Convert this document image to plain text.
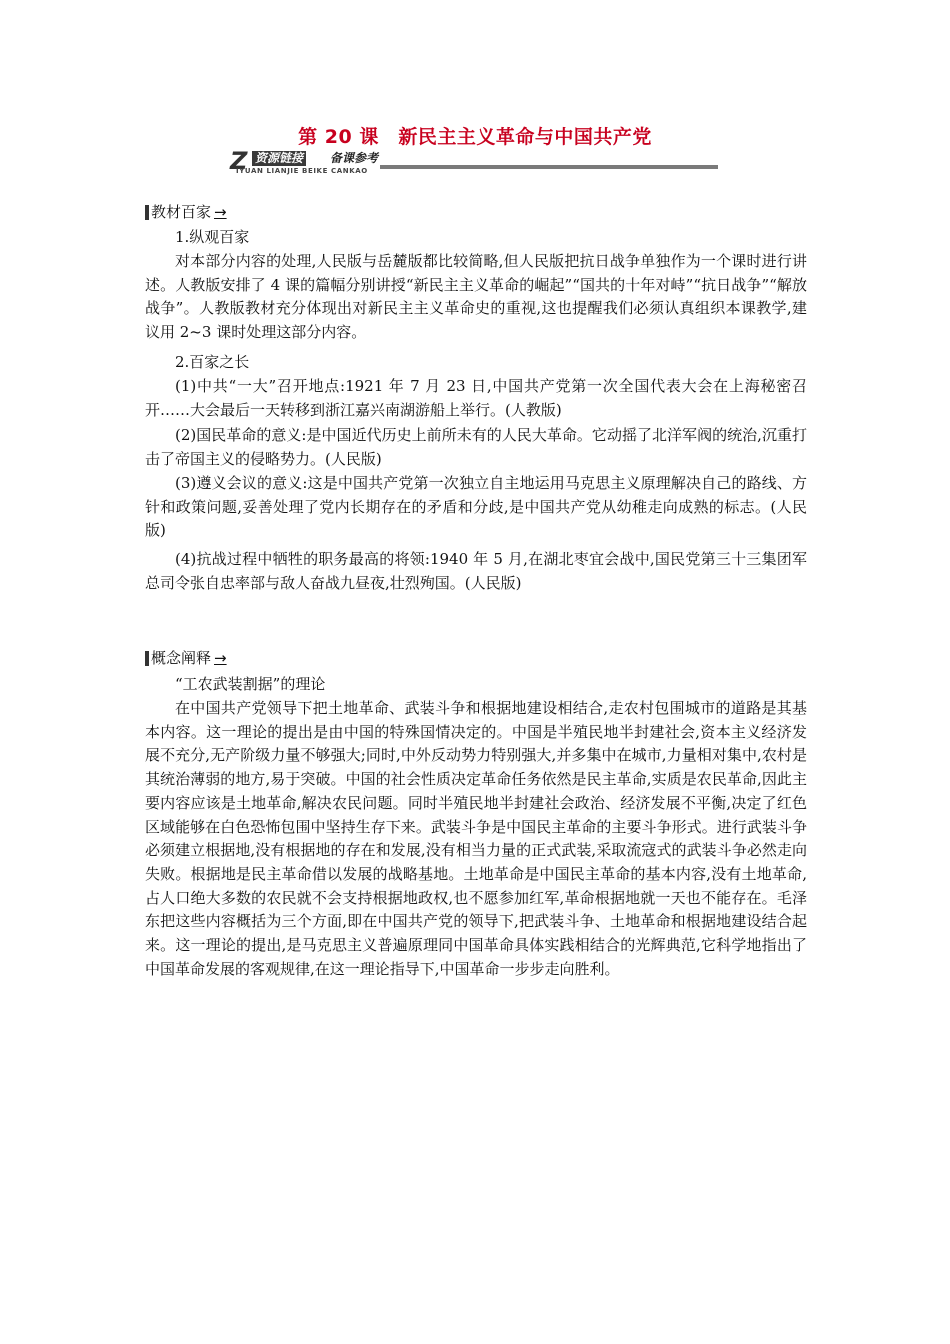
第 20 课　新民主主义革命与中国共产党
Z 资源链接 备课参考
IYUAN LIANJIE BEIKE CANKAO
教材百家 →

1.纵观百家

对本部分内容的处理,人民版与岳麓版都比较简略,但人民版把抗日战争单独作为一个课时进行讲述。人教版安排了 4 课的篇幅分别讲授“新民主主义革命的崛起”“国共的十年对峙”“抗日战争”“解放战争”。人教版教材充分体现出对新民主主义革命史的重视,这也提醒我们必须认真组织本课教学,建议用 2~3 课时处理这部分内容。

2.百家之长

(1)中共“一大”召开地点:1921 年 7 月 23 日,中国共产党第一次全国代表大会在上海秘密召开……大会最后一天转移到浙江嘉兴南湖游船上举行。(人教版)

(2)国民革命的意义:是中国近代历史上前所未有的人民大革命。它动摇了北洋军阀的统治,沉重打击了帝国主义的侵略势力。(人民版)

(3)遵义会议的意义:这是中国共产党第一次独立自主地运用马克思主义原理解决自己的路线、方针和政策问题,妥善处理了党内长期存在的矛盾和分歧,是中国共产党从幼稚走向成熟的标志。(人民版)

(4)抗战过程中牺牲的职务最高的将领:1940 年 5 月,在湖北枣宜会战中,国民党第三十三集团军总司令张自忠率部与敌人奋战九昼夜,壮烈殉国。(人民版)

概念阐释 →

“工农武装割据”的理论

在中国共产党领导下把土地革命、武装斗争和根据地建设相结合,走农村包围城市的道路是其基本内容。这一理论的提出是由中国的特殊国情决定的。中国是半殖民地半封建社会,资本主义经济发展不充分,无产阶级力量不够强大;同时,中外反动势力特别强大,并多集中在城市,力量相对集中,农村是其统治薄弱的地方,易于突破。中国的社会性质决定革命任务依然是民主革命,实质是农民革命,因此主要内容应该是土地革命,解决农民问题。同时半殖民地半封建社会政治、经济发展不平衡,决定了红色区域能够在白色恐怖包围中坚持生存下来。武装斗争是中国民主革命的主要斗争形式。进行武装斗争必须建立根据地,没有根据地的存在和发展,没有相当力量的正式武装,采取流寇式的武装斗争必然走向失败。根据地是民主革命借以发展的战略基地。土地革命是中国民主革命的基本内容,没有土地革命,占人口绝大多数的农民就不会支持根据地政权,也不愿参加红军,革命根据地就一天也不能存在。毛泽东把这些内容概括为三个方面,即在中国共产党的领导下,把武装斗争、土地革命和根据地建设结合起来。这一理论的提出,是马克思主义普遍原理同中国革命具体实践相结合的光辉典范,它科学地指出了中国革命发展的客观规律,在这一理论指导下,中国革命一步步走向胜利。
